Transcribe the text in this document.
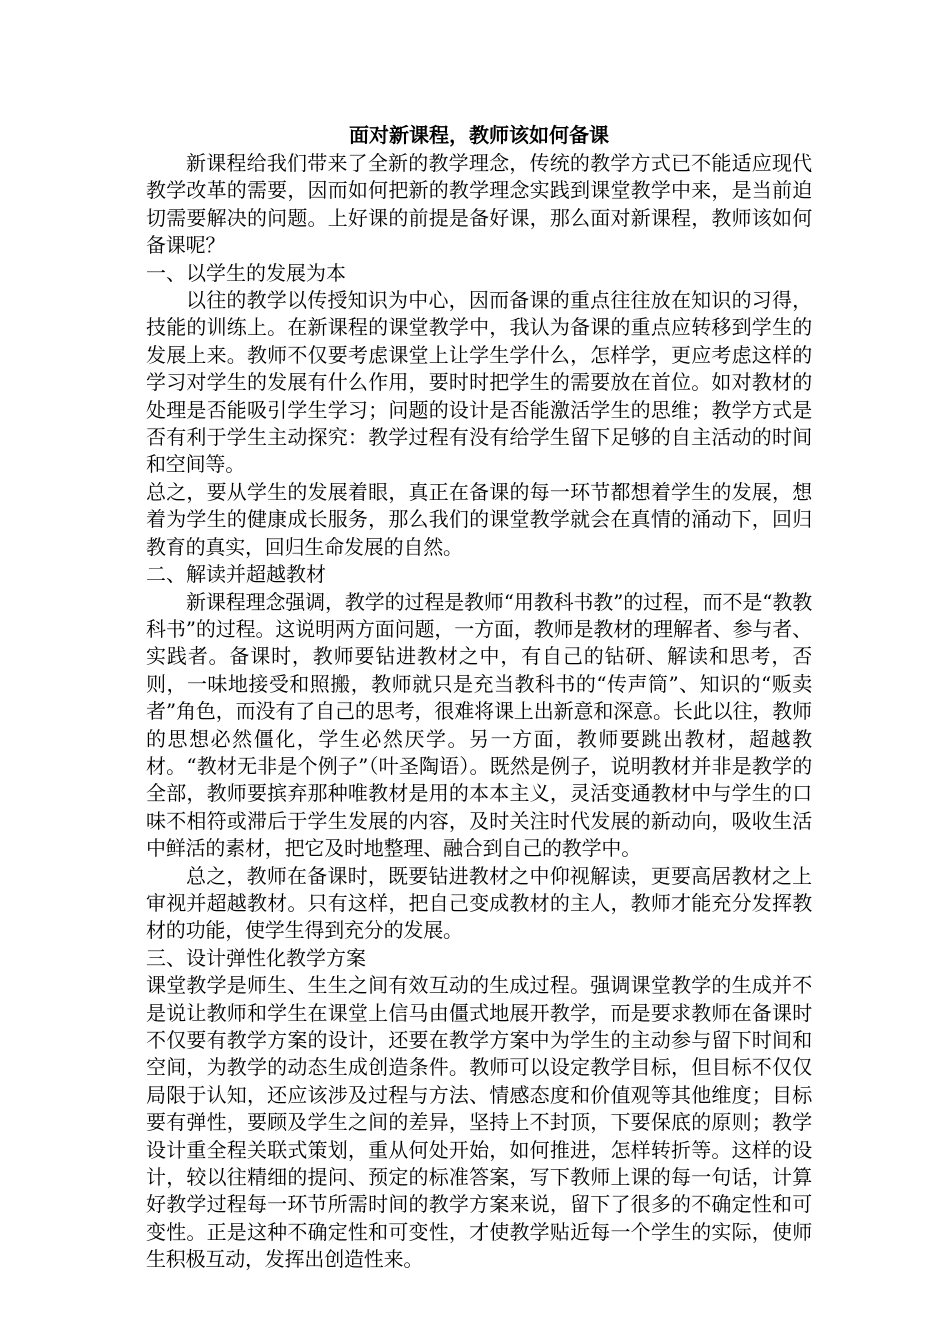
面对新课程，教师该如何备课

新课程给我们带来了全新的教学理念，传统的教学方式已不能适应现代教学改革的需要，因而如何把新的教学理念实践到课堂教学中来，是当前迫切需要解决的问题。上好课的前提是备好课，那么面对新课程，教师该如何备课呢？

一、以学生的发展为本

以往的教学以传授知识为中心，因而备课的重点往往放在知识的习得，技能的训练上。在新课程的课堂教学中，我认为备课的重点应转移到学生的发展上来。教师不仅要考虑课堂上让学生学什么，怎样学，更应考虑这样的学习对学生的发展有什么作用，要时时把学生的需要放在首位。如对教材的处理是否能吸引学生学习；问题的设计是否能激活学生的思维；教学方式是否有利于学生主动探究：教学过程有没有给学生留下足够的自主活动的时间和空间等。

总之，要从学生的发展着眼，真正在备课的每一环节都想着学生的发展，想着为学生的健康成长服务，那么我们的课堂教学就会在真情的涌动下，回归教育的真实，回归生命发展的自然。

二、解读并超越教材

新课程理念强调，教学的过程是教师“用教科书教”的过程，而不是“教教科书”的过程。这说明两方面问题，一方面，教师是教材的理解者、参与者、实践者。备课时，教师要钻进教材之中，有自己的钻研、解读和思考，否则，一味地接受和照搬，教师就只是充当教科书的“传声筒”、知识的“贩卖者”角色，而没有了自己的思考，很难将课上出新意和深意。长此以往，教师的思想必然僵化，学生必然厌学。另一方面，教师要跳出教材，超越教材。“教材无非是个例子”（叶圣陶语）。既然是例子，说明教材并非是教学的全部，教师要摈弃那种唯教材是用的本本主义，灵活变通教材中与学生的口味不相符或滞后于学生发展的内容，及时关注时代发展的新动向，吸收生活中鲜活的素材，把它及时地整理、融合到自己的教学中。

总之，教师在备课时，既要钻进教材之中仰视解读，更要高居教材之上审视并超越教材。只有这样，把自己变成教材的主人，教师才能充分发挥教材的功能，使学生得到充分的发展。

三、设计弹性化教学方案

课堂教学是师生、生生之间有效互动的生成过程。强调课堂教学的生成并不是说让教师和学生在课堂上信马由僵式地展开教学，而是要求教师在备课时不仅要有教学方案的设计，还要在教学方案中为学生的主动参与留下时间和空间，为教学的动态生成创造条件。教师可以设定教学目标，但目标不仅仅局限于认知，还应该涉及过程与方法、情感态度和价值观等其他维度；目标要有弹性，要顾及学生之间的差异，坚持上不封顶，下要保底的原则；教学设计重全程关联式策划，重从何处开始，如何推进，怎样转折等。这样的设计，较以往精细的提问、预定的标准答案，写下教师上课的每一句话，计算好教学过程每一环节所需时间的教学方案来说，留下了很多的不确定性和可变性。正是这种不确定性和可变性，才使教学贴近每一个学生的实际，使师生积极互动，发挥出创造性来。
